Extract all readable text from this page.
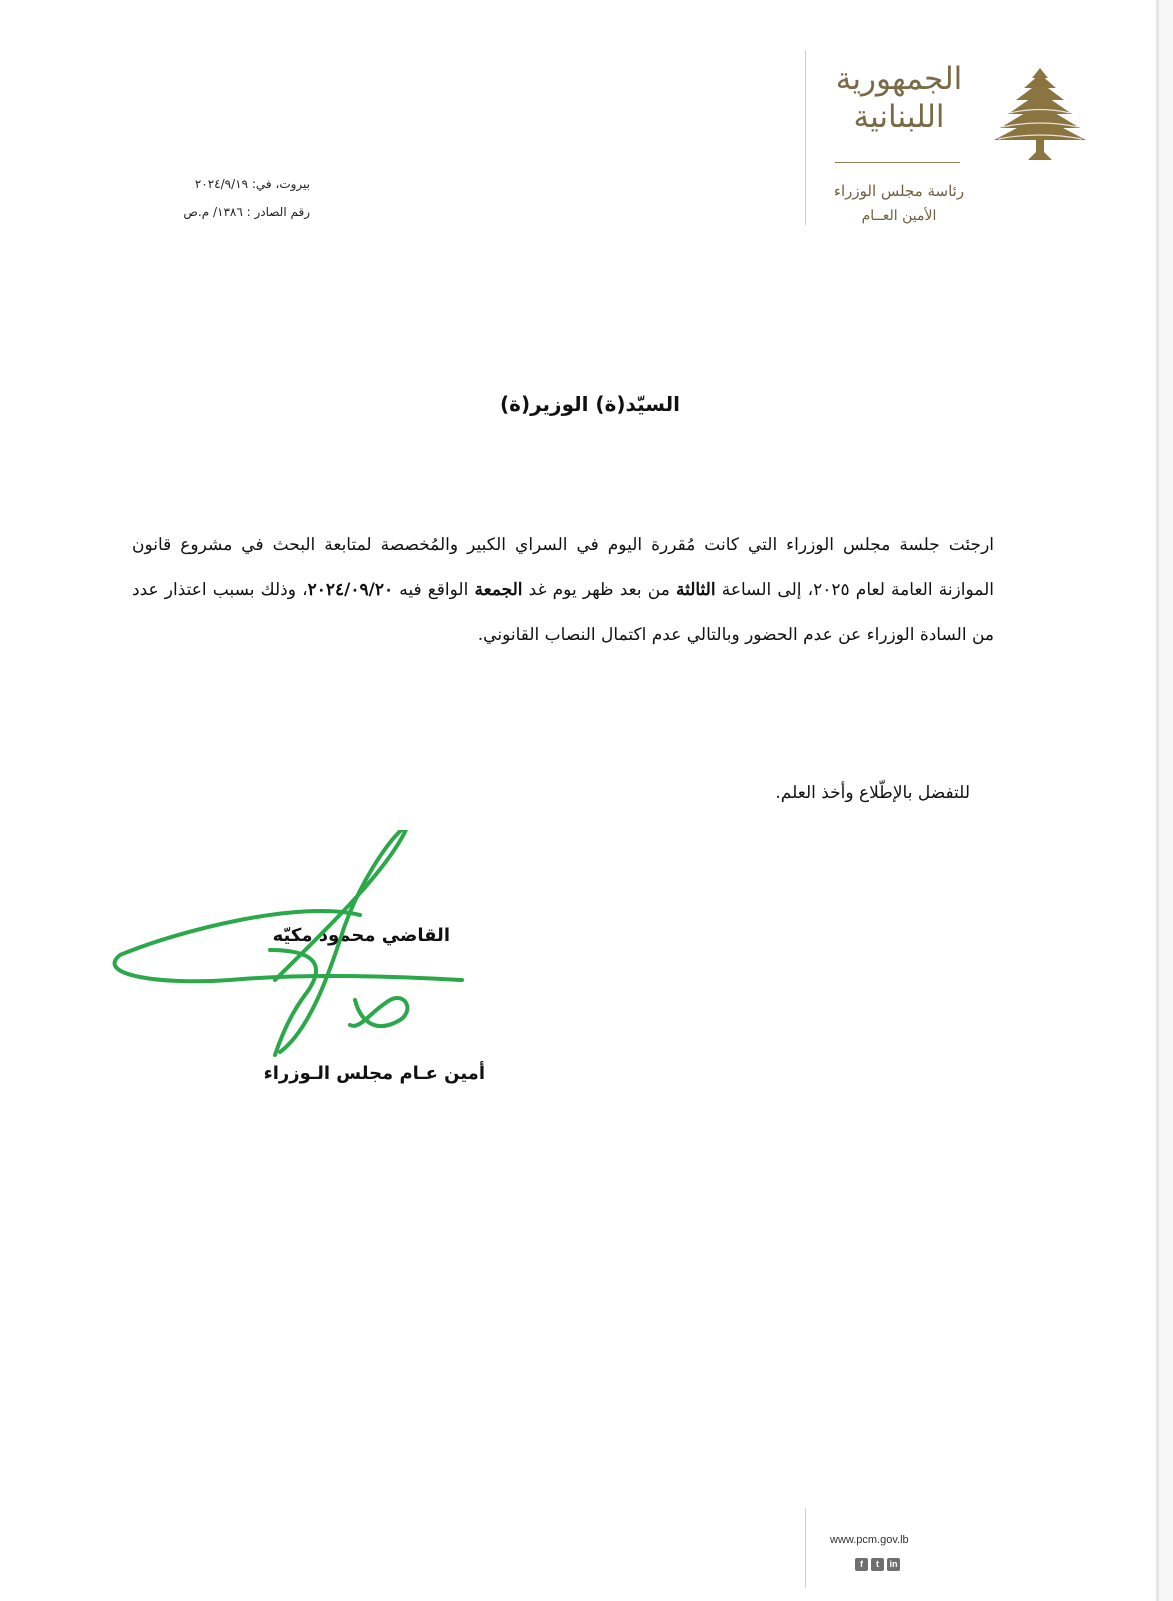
الجمهورية اللبنانية
رئاسة مجلس الوزراء
الأمين العــام
بيروت، في: ٢٠٢٤/٩/١٩
رقم الصادر : ١٣٨٦/ م.ص
السيّد(ة) الوزير(ة)
ارجئت جلسة مجلس الوزراء التي كانت مُقررة اليوم في السراي الكبير والمُخصصة لمتابعة البحث في مشروع قانون الموازنة العامة لعام ٢٠٢٥، إلى الساعة الثالثة من بعد ظهر يوم غد الجمعة الواقع فيه ٢٠٢٤/٠٩/٢٠، وذلك بسبب اعتذار عدد من السادة الوزراء عن عدم الحضور وبالتالي عدم اكتمال النصاب القانوني.
للتفضل بالإطّلاع وأخذ العلم.
القاضي محمود مكيّه
أمين عـام مجلس الـوزراء
www.pcm.gov.lb
f	t	in
